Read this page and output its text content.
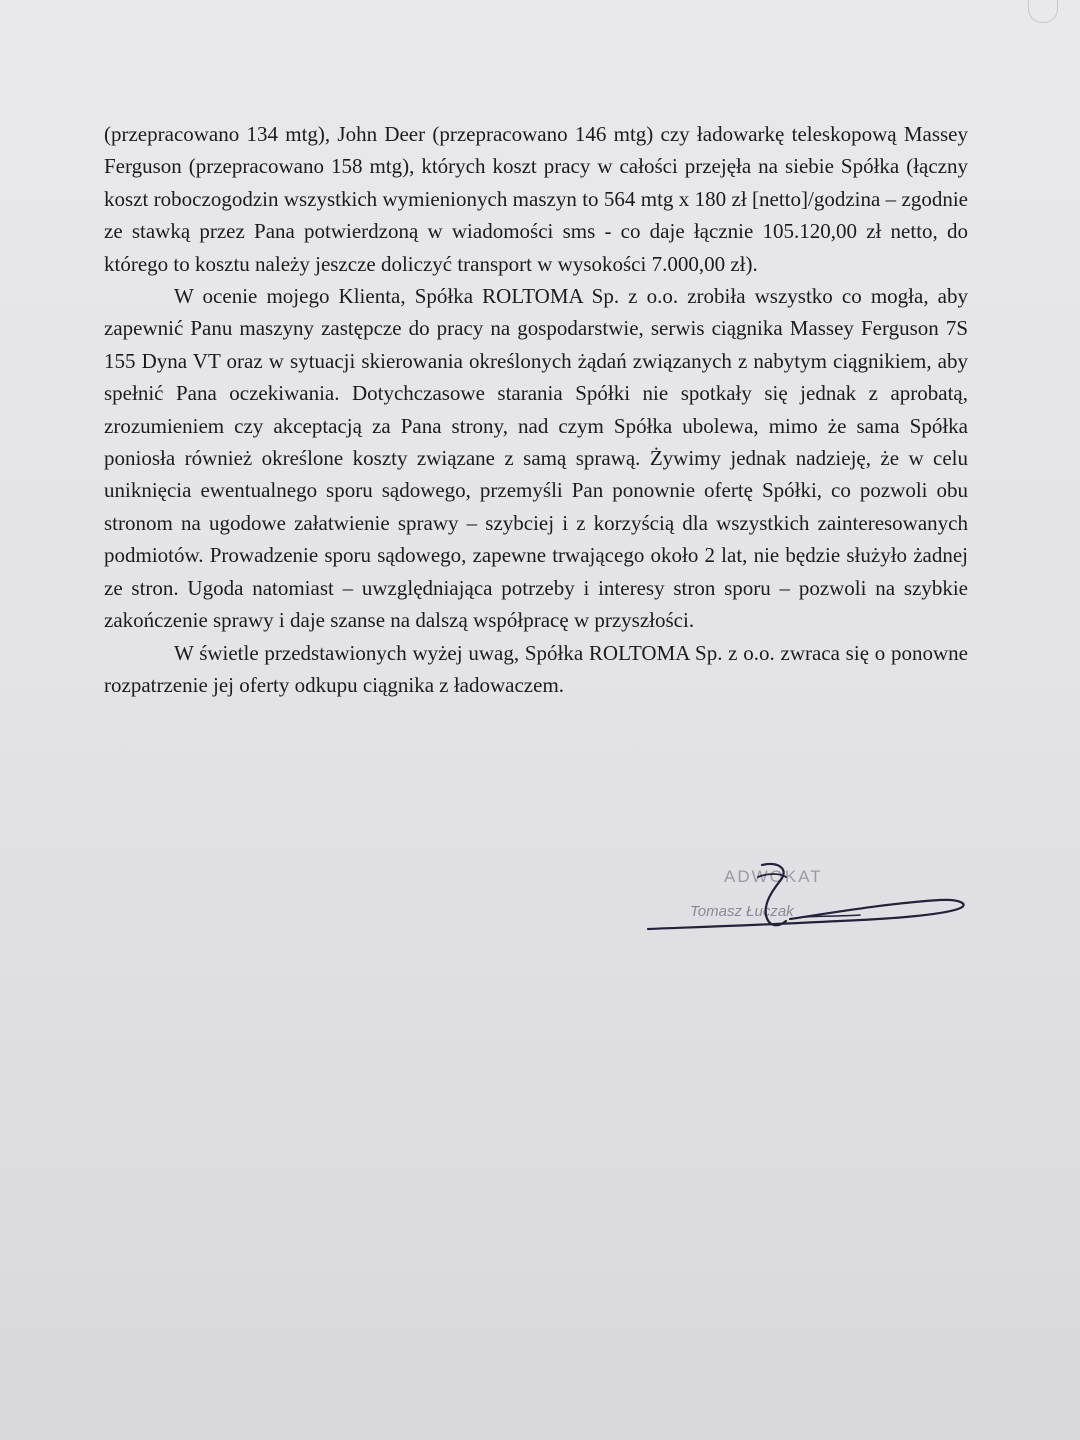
(przepracowano 134 mtg), John Deer (przepracowano 146 mtg) czy ładowarkę teleskopową Massey Ferguson (przepracowano 158 mtg), których koszt pracy w całości przejęła na siebie Spółka (łączny koszt roboczogodzin wszystkich wymienionych maszyn to 564 mtg x 180 zł [netto]/godzina – zgodnie ze stawką przez Pana potwierdzoną w wiadomości sms - co daje łącznie 105.120,00 zł netto, do którego to kosztu należy jeszcze doliczyć transport w wysokości 7.000,00 zł).

W ocenie mojego Klienta, Spółka ROLTOMA Sp. z o.o. zrobiła wszystko co mogła, aby zapewnić Panu maszyny zastępcze do pracy na gospodarstwie, serwis ciągnika Massey Ferguson 7S 155 Dyna VT oraz w sytuacji skierowania określonych żądań związanych z nabytym ciągnikiem, aby spełnić Pana oczekiwania. Dotychczasowe starania Spółki nie spotkały się jednak z aprobatą, zrozumieniem czy akceptacją za Pana strony, nad czym Spółka ubolewa, mimo że sama Spółka poniosła również określone koszty związane z samą sprawą. Żywimy jednak nadzieję, że w celu uniknięcia ewentualnego sporu sądowego, przemyśli Pan ponownie ofertę Spółki, co pozwoli obu stronom na ugodowe załatwienie sprawy – szybciej i z korzyścią dla wszystkich zainteresowanych podmiotów. Prowadzenie sporu sądowego, zapewne trwającego około 2 lat, nie będzie służyło żadnej ze stron. Ugoda natomiast – uwzględniająca potrzeby i interesy stron sporu – pozwoli na szybkie zakończenie sprawy i daje szanse na dalszą współpracę w przyszłości.

W świetle przedstawionych wyżej uwag, Spółka ROLTOMA Sp. z o.o. zwraca się o ponowne rozpatrzenie jej oferty odkupu ciągnika z ładowaczem.

ADWOKAT
Tomasz Łuczak
